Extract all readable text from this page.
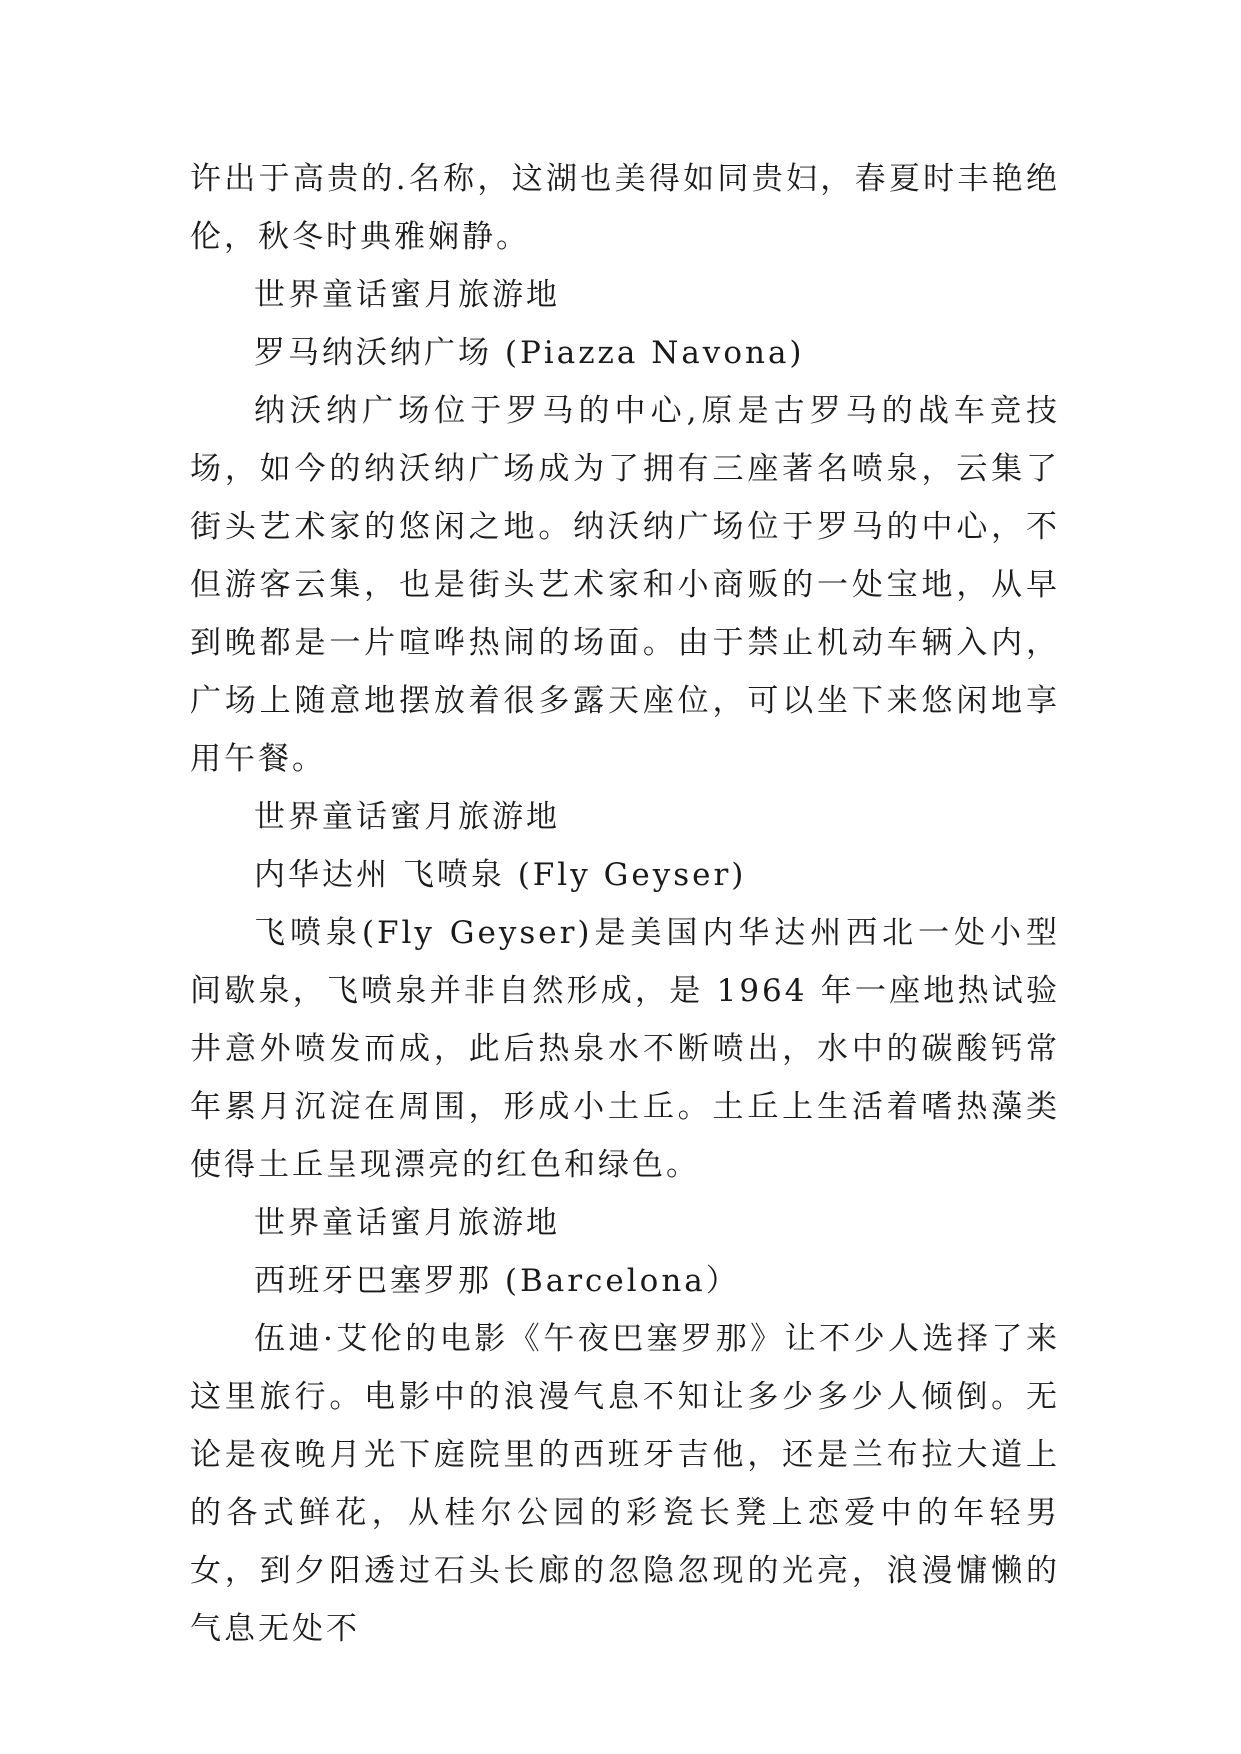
许出于高贵的.名称，这湖也美得如同贵妇，春夏时丰艳绝伦，秋冬时典雅娴静。

世界童话蜜月旅游地

罗马纳沃纳广场 (Piazza Navona)

纳沃纳广场位于罗马的中心,原是古罗马的战车竞技场，如今的纳沃纳广场成为了拥有三座著名喷泉，云集了街头艺术家的悠闲之地。纳沃纳广场位于罗马的中心，不但游客云集，也是街头艺术家和小商贩的一处宝地，从早到晚都是一片喧哗热闹的场面。由于禁止机动车辆入内，广场上随意地摆放着很多露天座位，可以坐下来悠闲地享用午餐。

世界童话蜜月旅游地

内华达州 飞喷泉 (Fly Geyser)

飞喷泉(Fly Geyser)是美国内华达州西北一处小型间歇泉，飞喷泉并非自然形成，是 1964 年一座地热试验井意外喷发而成，此后热泉水不断喷出，水中的碳酸钙常年累月沉淀在周围，形成小土丘。土丘上生活着嗜热藻类使得土丘呈现漂亮的红色和绿色。

世界童话蜜月旅游地

西班牙巴塞罗那 (Barcelona）

伍迪·艾伦的电影《午夜巴塞罗那》让不少人选择了来这里旅行。电影中的浪漫气息不知让多少多少人倾倒。无论是夜晚月光下庭院里的西班牙吉他，还是兰布拉大道上的各式鲜花，从桂尔公园的彩瓷长凳上恋爱中的年轻男女，到夕阳透过石头长廊的忽隐忽现的光亮，浪漫慵懒的气息无处不
